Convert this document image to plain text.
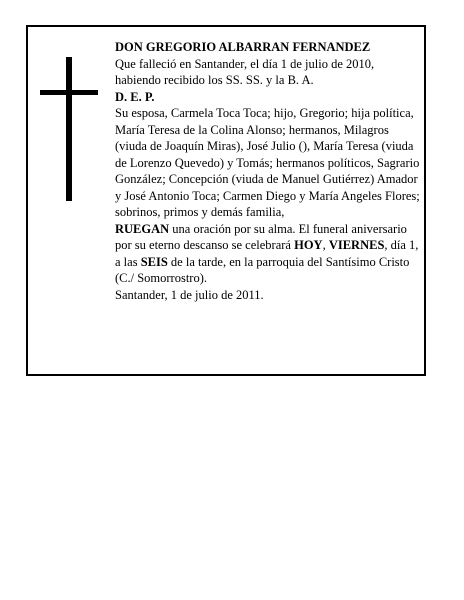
DON GREGORIO ALBARRAN FERNANDEZ

Que falleció en Santander, el día 1 de julio de 2010, habiendo recibido los SS. SS. y la B. A.

D. E. P.

Su esposa, Carmela Toca Toca; hijo, Gregorio; hija política, María Teresa de la Colina Alonso; hermanos, Milagros (viuda de Joaquín Miras), José Julio (), María Teresa (viuda de Lorenzo Quevedo) y Tomás; hermanos políticos, Sagrario González; Concepción (viuda de Manuel Gutiérrez) Amador y José Antonio Toca; Carmen Diego y María Angeles Flores; sobrinos, primos y demás familia,

RUEGAN una oración por su alma. El funeral aniversario por su eterno descanso se celebrará HOY, VIERNES, día 1, a las SEIS de la tarde, en la parroquia del Santísimo Cristo (C./ Somorrostro).

Santander, 1 de julio de 2011.
